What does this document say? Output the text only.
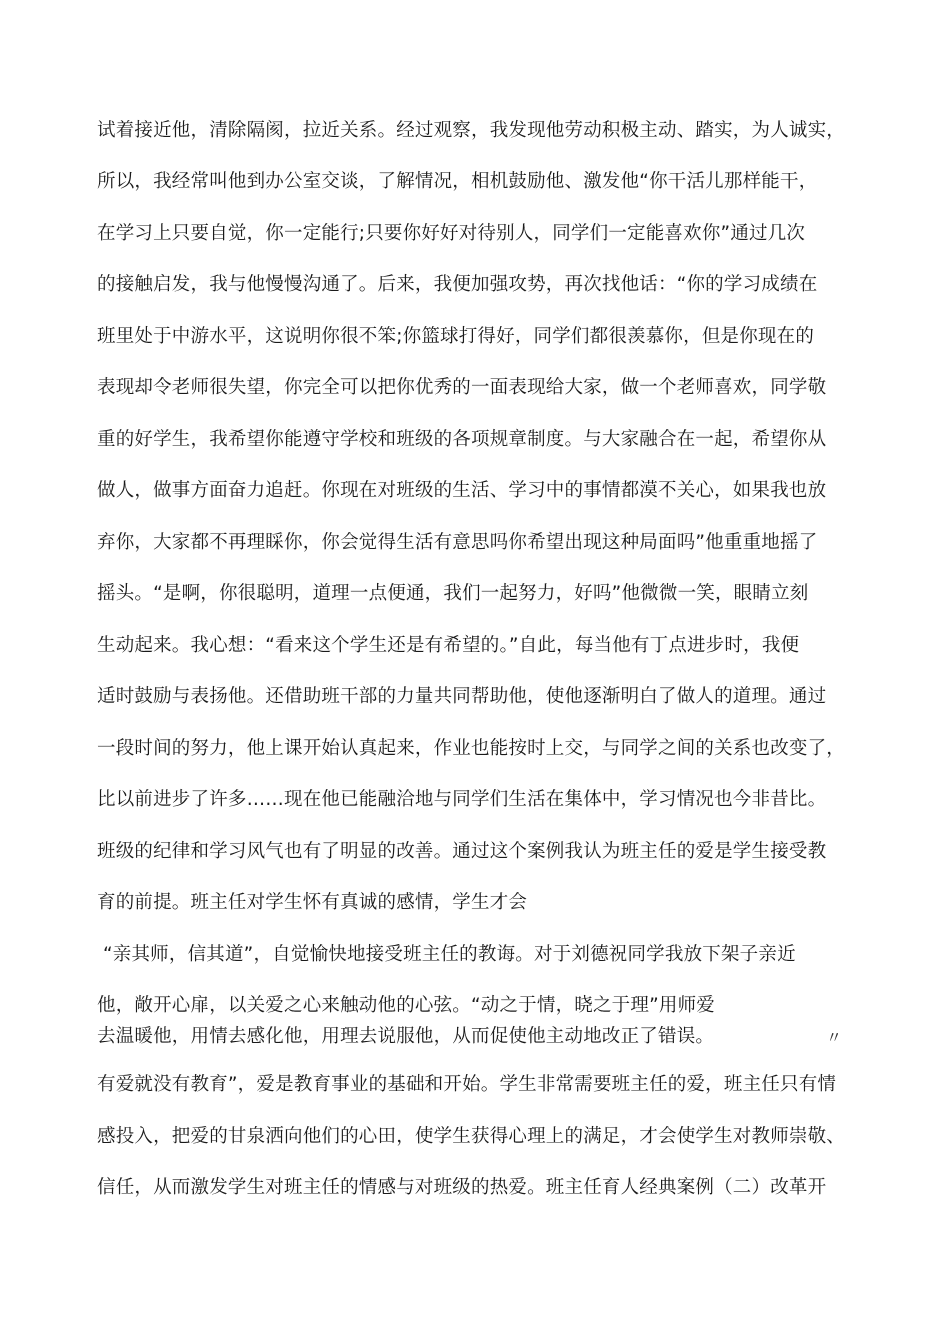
试着接近他，清除隔阂，拉近关系。经过观察，我发现他劳动积极主动、踏实，为人诚实，
所以，我经常叫他到办公室交谈，了解情况，相机鼓励他、激发他“你干活儿那样能干，
在学习上只要自觉，你一定能行;只要你好好对待别人，同学们一定能喜欢你”通过几次
的接触启发，我与他慢慢沟通了。后来，我便加强攻势，再次找他话：“你的学习成绩在
班里处于中游水平，这说明你很不笨;你篮球打得好，同学们都很羡慕你，但是你现在的
表现却令老师很失望，你完全可以把你优秀的一面表现给大家，做一个老师喜欢，同学敬
重的好学生，我希望你能遵守学校和班级的各项规章制度。与大家融合在一起，希望你从
做人，做事方面奋力追赶。你现在对班级的生活、学习中的事情都漠不关心，如果我也放
弃你，大家都不再理睬你，你会觉得生活有意思吗你希望出现这种局面吗”他重重地摇了
摇头。“是啊，你很聪明，道理一点便通，我们一起努力，好吗”他微微一笑，眼睛立刻
生动起来。我心想：“看来这个学生还是有希望的。”自此，每当他有丁点进步时，我便
适时鼓励与表扬他。还借助班干部的力量共同帮助他，使他逐渐明白了做人的道理。通过
一段时间的努力，他上课开始认真起来，作业也能按时上交，与同学之间的关系也改变了，
比以前进步了许多……现在他已能融洽地与同学们生活在集体中，学习情况也今非昔比。
班级的纪律和学习风气也有了明显的改善。通过这个案例我认为班主任的爱是学生接受教
育的前提。班主任对学生怀有真诚的感情，学生才会
“亲其师，信其道”，自觉愉快地接受班主任的教诲。对于刘德祝同学我放下架子亲近
他，敞开心扉，以关爱之心来触动他的心弦。“动之于情，晓之于理”用师爱
去温暖他，用情去感化他，用理去说服他，从而促使他主动地改正了错误。	〃
有爱就没有教育”，爱是教育事业的基础和开始。学生非常需要班主任的爱，班主任只有情
感投入，把爱的甘泉洒向他们的心田，使学生获得心理上的满足，才会使学生对教师崇敬、
信任，从而激发学生对班主任的情感与对班级的热爱。班主任育人经典案例（二）改革开
